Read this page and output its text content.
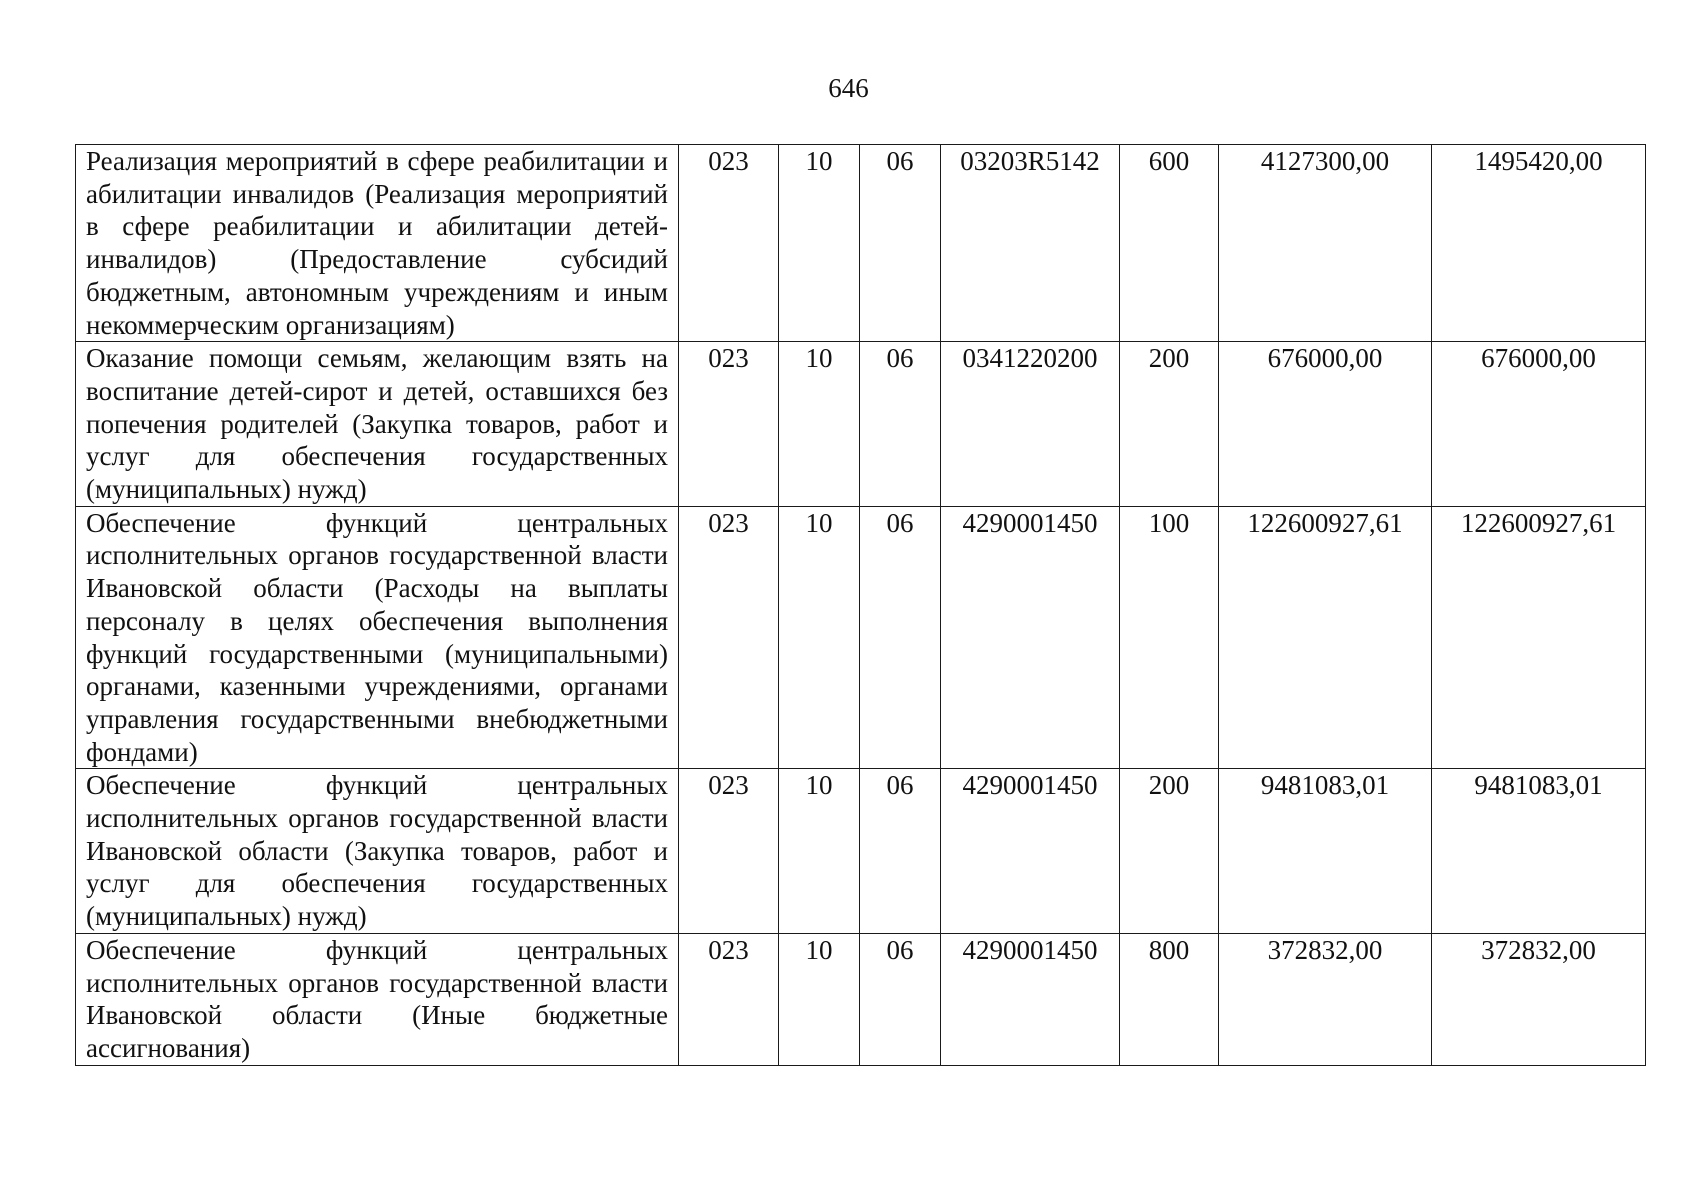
646
Реализация мероприятий в сфере реабилитации и абилитации инвалидов (Реализация мероприятий в сфере реабилитации и абилитации детей-инвалидов) (Предоставление субсидий бюджетным, автономным учреждениям и иным некоммерческим организациям)	023	10	06	03203R5142	600	4127300,00	1495420,00
Оказание помощи семьям, желающим взять на воспитание детей-сирот и детей, оставшихся без попечения родителей (Закупка товаров, работ и услуг для обеспечения государственных (муниципальных) нужд)	023	10	06	0341220200	200	676000,00	676000,00
Обеспечение функций центральных исполнительных органов государственной власти Ивановской области (Расходы на выплаты персоналу в целях обеспечения выполнения функций государственными (муниципальными) органами, казенными учреждениями, органами управления государственными внебюджетными фондами)	023	10	06	4290001450	100	122600927,61	122600927,61
Обеспечение функций центральных исполнительных органов государственной власти Ивановской области (Закупка товаров, работ и услуг для обеспечения государственных (муниципальных) нужд)	023	10	06	4290001450	200	9481083,01	9481083,01
Обеспечение функций центральных исполнительных органов государственной власти Ивановской области (Иные бюджетные ассигнования)	023	10	06	4290001450	800	372832,00	372832,00
